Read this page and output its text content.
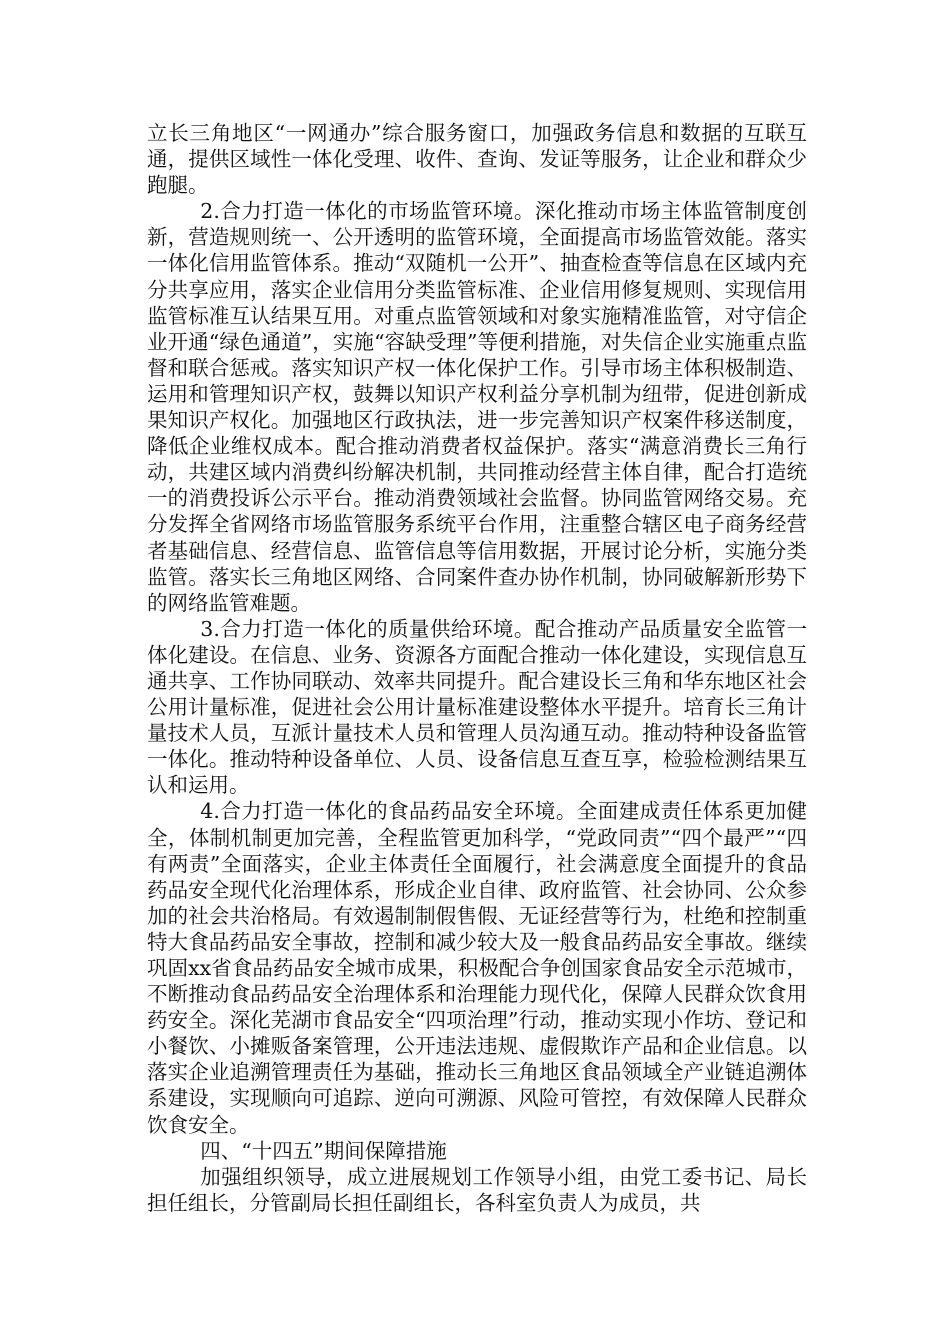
立长三角地区“一网通办”综合服务窗口，加强政务信息和数据的互联互通，提供区域性一体化受理、收件、查询、发证等服务，让企业和群众少跑腿。

2.合力打造一体化的市场监管环境。深化推动市场主体监管制度创新，营造规则统一、公开透明的监管环境，全面提高市场监管效能。落实一体化信用监管体系。推动“双随机一公开”、抽查检查等信息在区域内充分共享应用，落实企业信用分类监管标准、企业信用修复规则、实现信用监管标准互认结果互用。对重点监管领域和对象实施精准监管，对守信企业开通“绿色通道”，实施“容缺受理”等便利措施，对失信企业实施重点监督和联合惩戒。落实知识产权一体化保护工作。引导市场主体积极制造、运用和管理知识产权，鼓舞以知识产权利益分享机制为纽带，促进创新成果知识产权化。加强地区行政执法，进一步完善知识产权案件移送制度，降低企业维权成本。配合推动消费者权益保护。落实“满意消费长三角行动，共建区域内消费纠纷解决机制，共同推动经营主体自律，配合打造统一的消费投诉公示平台。推动消费领域社会监督。协同监管网络交易。充分发挥全省网络市场监管服务系统平台作用，注重整合辖区电子商务经营者基础信息、经营信息、监管信息等信用数据，开展讨论分析，实施分类监管。落实长三角地区网络、合同案件查办协作机制，协同破解新形势下的网络监管难题。

3.合力打造一体化的质量供给环境。配合推动产品质量安全监管一体化建设。在信息、业务、资源各方面配合推动一体化建设，实现信息互通共享、工作协同联动、效率共同提升。配合建设长三角和华东地区社会公用计量标准，促进社会公用计量标准建设整体水平提升。培育长三角计量技术人员，互派计量技术人员和管理人员沟通互动。推动特种设备监管一体化。推动特种设备单位、人员、设备信息互查互享，检验检测结果互认和运用。

4.合力打造一体化的食品药品安全环境。全面建成责任体系更加健全，体制机制更加完善，全程监管更加科学，“党政同责”“四个最严”“四有两责”全面落实，企业主体责任全面履行，社会满意度全面提升的食品药品安全现代化治理体系，形成企业自律、政府监管、社会协同、公众参加的社会共治格局。有效遏制制假售假、无证经营等行为，杜绝和控制重特大食品药品安全事故，控制和减少较大及一般食品药品安全事故。继续巩固xx省食品药品安全城市成果，积极配合争创国家食品安全示范城市，不断推动食品药品安全治理体系和治理能力现代化，保障人民群众饮食用药安全。深化芜湖市食品安全“四项治理”行动，推动实现小作坊、登记和小餐饮、小摊贩备案管理，公开违法违规、虚假欺诈产品和企业信息。以落实企业追溯管理责任为基础，推动长三角地区食品领域全产业链追溯体系建设，实现顺向可追踪、逆向可溯源、风险可管控，有效保障人民群众饮食安全。

四、“十四五”期间保障措施

加强组织领导，成立进展规划工作领导小组，由党工委书记、局长担任组长，分管副局长担任副组长，各科室负责人为成员，共
